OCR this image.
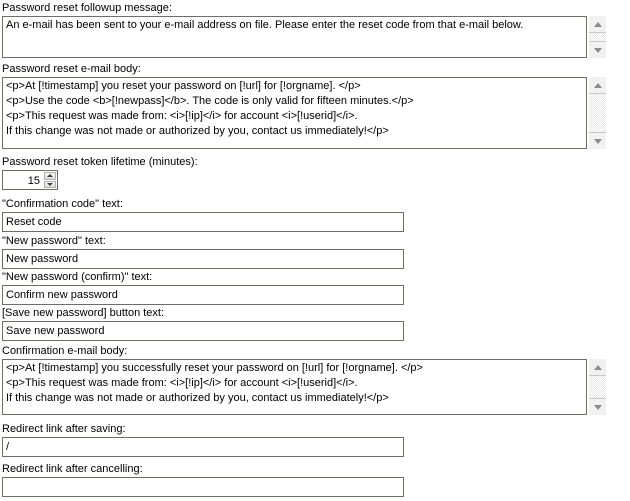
Password reset followup message:
An e-mail has been sent to your e-mail address on file. Please enter the reset code from that e-mail below.
Password reset e-mail body:
<p>At [!timestamp] you reset your password on [!url] for [!orgname]. </p> <p>Use the code <b>[!newpass]</b>. The code is only valid for fifteen minutes.</p> <p>This request was made from: <i>[!ip]</i> for account <i>[!userid]</i>. If this change was not made or authorized by you, contact us immediately!</p>
Password reset token lifetime (minutes):
15
"Confirmation code" text:
Reset code
"New password" text:
New password
"New password (confirm)" text:
Confirm new password
[Save new password] button text:
Save new password
Confirmation e-mail body:
<p>At [!timestamp] you successfully reset your password on [!url] for [!orgname]. </p> <p>This request was made from: <i>[!ip]</i> for account <i>[!userid]</i>. If this change was not made or authorized by you, contact us immediately!</p>
Redirect link after saving:
/
Redirect link after cancelling:
